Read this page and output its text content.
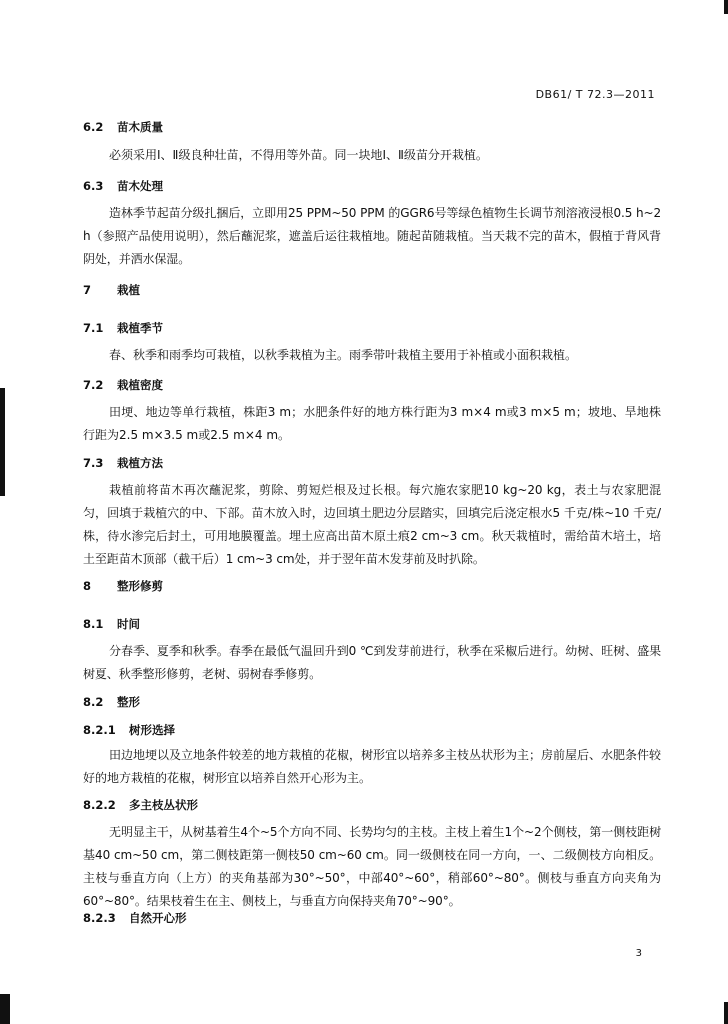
DB61/ T 72.3—2011
6.2 苗木质量
必须采用Ⅰ、Ⅱ级良种壮苗，不得用等外苗。同一块地Ⅰ、Ⅱ级苗分开栽植。
6.3 苗木处理
造林季节起苗分级扎捆后，立即用25 PPM~50 PPM 的GGR6号等绿色植物生长调节剂溶液浸根0.5 h~2 h（参照产品使用说明），然后蘸泥浆，遮盖后运往栽植地。随起苗随栽植。当天栽不完的苗木，假植于背风背阴处，并洒水保湿。
7 栽植
7.1 栽植季节
春、秋季和雨季均可栽植，以秋季栽植为主。雨季带叶栽植主要用于补植或小面积栽植。
7.2 栽植密度
田埂、地边等单行栽植，株距3 m；水肥条件好的地方株行距为3 m×4 m或3 m×5 m；坡地、旱地株行距为2.5 m×3.5 m或2.5 m×4 m。
7.3 栽植方法
栽植前将苗木再次蘸泥浆，剪除、剪短烂根及过长根。每穴施农家肥10 kg~20 kg，表土与农家肥混匀，回填于栽植穴的中、下部。苗木放入时，边回填土肥边分层踏实，回填完后浇定根水5 千克/株~10 千克/株，待水渗完后封土，可用地膜覆盖。埋土应高出苗木原土痕2 cm~3 cm。秋天栽植时，需给苗木培土，培土至距苗木顶部（截干后）1 cm~3 cm处，并于翌年苗木发芽前及时扒除。
8 整形修剪
8.1 时间
分春季、夏季和秋季。春季在最低气温回升到0 ℃到发芽前进行，秋季在采椒后进行。幼树、旺树、盛果树夏、秋季整形修剪，老树、弱树春季修剪。
8.2 整形
8.2.1 树形选择
田边地埂以及立地条件较差的地方栽植的花椒，树形宜以培养多主枝丛状形为主；房前屋后、水肥条件较好的地方栽植的花椒，树形宜以培养自然开心形为主。
8.2.2 多主枝丛状形
无明显主干，从树基着生4个~5个方向不同、长势均匀的主枝。主枝上着生1个~2个侧枝，第一侧枝距树基40 cm~50 cm，第二侧枝距第一侧枝50 cm~60 cm。同一级侧枝在同一方向，一、二级侧枝方向相反。主枝与垂直方向（上方）的夹角基部为30°~50°，中部40°~60°，稍部60°~80°。侧枝与垂直方向夹角为60°~80°。结果枝着生在主、侧枝上，与垂直方向保持夹角70°~90°。
8.2.3 自然开心形
3
